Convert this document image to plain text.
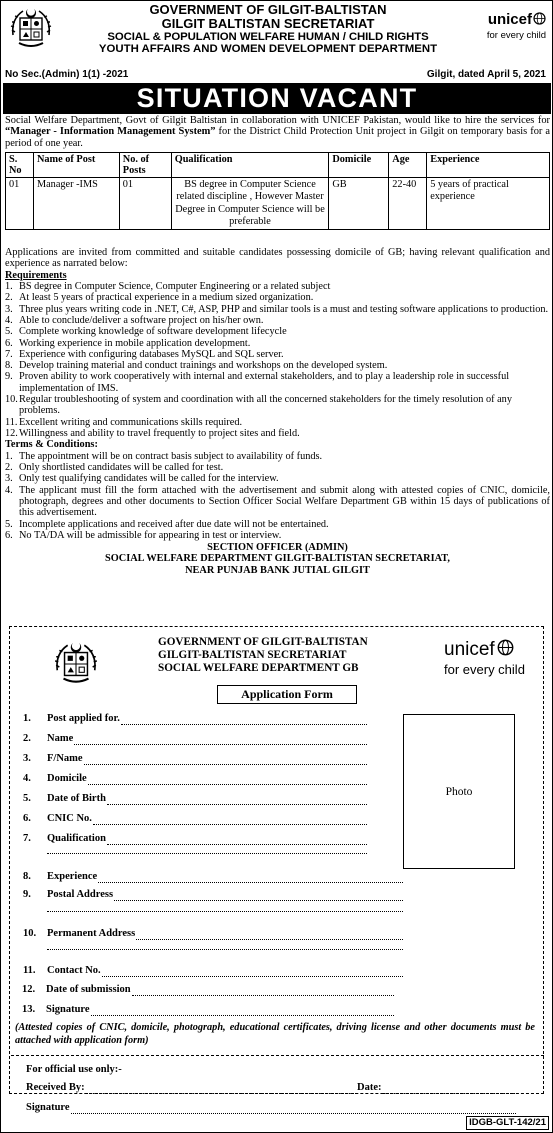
GOVERNMENT OF GILGIT-BALTISTAN
GILGIT BALTISTAN SECRETARIAT
SOCIAL & POPULATION WELFARE HUMAN / CHILD RIGHTS
YOUTH AFFAIRS AND WOMEN DEVELOPMENT DEPARTMENT
unicef
for every child
No Sec.(Admin) 1(1) -2021	Gilgit, dated April 5, 2021
SITUATION VACANT

Social Welfare Department, Govt of Gilgit Baltistan in collaboration with UNICEF Pakistan, would like to hire the services for “Manager - Information Management System” for the District Child Protection Unit project in Gilgit on temporary basis for a period of one year.

S. No	Name of Post	No. of Posts	Qualification	Domicile	Age	Experience
01	Manager -IMS	01	BS degree in Computer Science related discipline , However Master Degree in Computer Science will be preferable	GB	22-40	5 years of practical experience

Applications are invited from committed and suitable candidates possessing domicile of GB; having relevant qualification and experience as narrated below:

Requirements
1. BS degree in Computer Science, Computer Engineering or a related subject
2. At least 5 years of practical experience in a medium sized organization.
3. Three plus years writing code in .NET, C#, ASP, PHP and similar tools is a must and testing software applications to production.
4. Able to conclude/deliver a software project on his/her own.
5. Complete working knowledge of software development lifecycle
6. Working experience in mobile application development.
7. Experience with configuring databases MySQL and SQL server.
8. Develop training material and conduct trainings and workshops on the developed system.
9. Proven ability to work cooperatively with internal and external stakeholders, and to play a leadership role in successful implementation of IMS.
10. Regular troubleshooting of system and coordination with all the concerned stakeholders for the timely resolution of any problems.
11. Excellent writing and communications skills required.
12. Willingness and ability to travel frequently to project sites and field.
Terms & Conditions:
1. The appointment will be on contract basis subject to availability of funds.
2. Only shortlisted candidates will be called for test.
3. Only test qualifying candidates will be called for the interview.
4. The applicant must fill the form attached with the advertisement and submit along with attested copies of CNIC, domicile, photograph, degrees and other documents to Section Officer Social Welfare Department GB within 15 days of publications of this advertisement.
5. Incomplete applications and received after due date will not be entertained.
6. No TA/DA will be admissible for appearing in test or interview.
SECTION OFFICER (ADMIN)
SOCIAL WELFARE DEPARTMENT GILGIT-BALTISTAN SECRETARIAT,
NEAR PUNJAB BANK JUTIAL GILGIT
GOVERNMENT OF GILGIT-BALTISTAN
GILGIT-BALTISTAN SECRETARIAT
SOCIAL WELFARE DEPARTMENT GB
unicef
for every child
Application Form
Photo
1.	Post applied for.
2.	Name
3.	F/Name
4.	Domicile
5.	Date of Birth
6.	CNIC No.
7.	Qualification
8.	Experience
9.	Postal Address
10.	Permanent Address
11.	Contact No.
12.	Date of submission
13.	Signature

(Attested copies of CNIC, domicile, photograph, educational certificates, driving license and other documents must be attached with application form)

For official use only:-
Received By:	Date:
Signature
IDGB-GLT-142/21
